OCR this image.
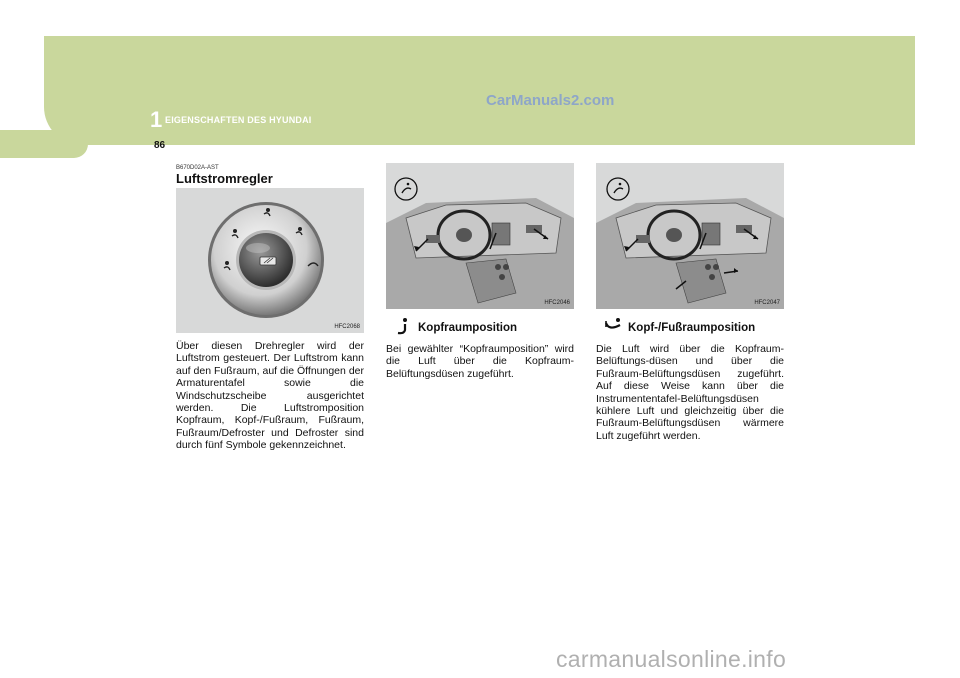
1 EIGENSCHAFTEN DES HYUNDAI
CarManuals2.com
86
B670D02A-AST
Luftstromregler
HFC2068
Über diesen Drehregler wird der Luftstrom gesteuert. Der Luftstrom kann auf den Fußraum, auf die Öffnungen der Armaturentafel sowie die Windschutzscheibe ausgerichtet werden. Die Luftstromposition Kopfraum, Kopf-/Fußraum, Fußraum, Fußraum/Defroster und Defroster sind durch fünf Symbole gekennzeichnet.
HFC2046
Kopfraumposition
Bei gewählter “Kopfraumposition” wird die Luft über die Kopfraum-Belüftungsdüsen zugeführt.
HFC2047
Kopf-/Fußraumposition
Die Luft wird über die Kopfraum-Belüftungs-düsen und über die Fußraum-Belüftungsdüsen zugeführt. Auf diese Weise kann über die Instrumententafel-Belüftungsdüsen kühlere Luft und gleichzeitig über die Fußraum-Belüftungsdüsen wärmere Luft zugeführt werden.
carmanualsonline.info
